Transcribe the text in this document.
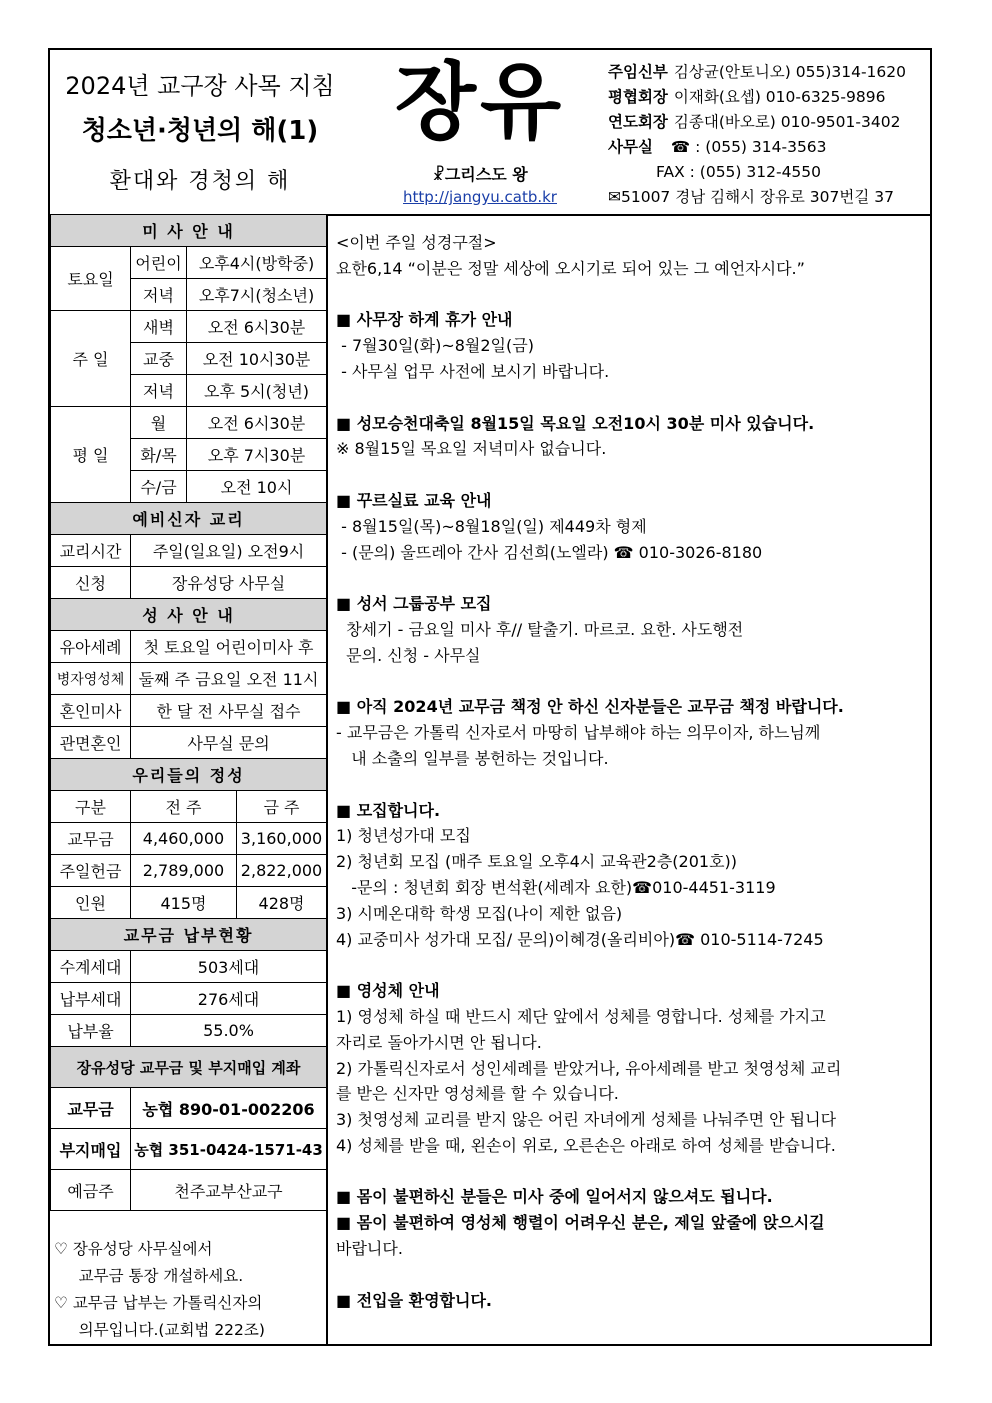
2024년 교구장 사목 지침
청소년·청년의 해(1)
환대와 경청의 해
장유
☧그리스도 왕
http://jangyu.catb.kr
주임신부 김상균(안토니오) 055)314-1620
평협회장 이재화(요셉) 010-6325-9896
연도회장 김종대(바오로) 010-9501-3402
사무실 ☎ : (055) 314-3563
FAX : (055) 312-4550
✉51007 경남 김해시 장유로 307번길 37
미 사 안 내			
토요일	어린이	오후4시(방학중)	
	저녁	오후7시(청소년)	
주 일	새벽	오전 6시30분	
	교중	오전 10시30분	
	저녁	오후 5시(청년)	
평 일	월	오전 6시30분	
	화/목	오후 7시30분	
	수/금	오전 10시	
예비신자 교리			
교리시간	주일(일요일) 오전9시		
신청	장유성당 사무실		
성 사 안 내			
유아세례	첫 토요일 어린이미사 후		
병자영성체	둘째 주 금요일 오전 11시		
혼인미사	한 달 전 사무실 접수		
관면혼인	사무실 문의		
우리들의 정성			
구분	전 주		금 주
교무금	4,460,000		3,160,000
주일헌금	2,789,000		2,822,000
인원	415명		428명
교무금 납부현황			
수계세대	503세대		
납부세대	276세대		
납부율	55.0%		
장유성당 교무금 및 부지매입 계좌			
교무금	농협 890-01-002206		
부지매입	농협 351-0424-1571-43		
예금주	천주교부산교구		
♡ 장유성당 사무실에서
교무금 통장 개설하세요.
♡ 교무금 납부는 가톨릭신자의
의무입니다.(교회법 222조)
<이번 주일 성경구절>
요한6,14 “이분은 정말 세상에 오시기로 되어 있는 그 예언자시다.”
■ 사무장 하계 휴가 안내
- 7월30일(화)~8월2일(금)
- 사무실 업무 사전에 보시기 바랍니다.
■ 성모승천대축일 8월15일 목요일 오전10시 30분 미사 있습니다.
※ 8월15일 목요일 저녁미사 없습니다.
■ 꾸르실료 교육 안내
- 8월15일(목)~8월18일(일) 제449차 형제
- (문의) 울뜨레아 간사 김선희(노엘라) ☎ 010-3026-8180
■ 성서 그룹공부 모집
창세기 - 금요일 미사 후// 탈출기. 마르코. 요한. 사도행전
문의. 신청 - 사무실
■ 아직 2024년 교무금 책정 안 하신 신자분들은 교무금 책정 바랍니다.
- 교무금은 가톨릭 신자로서 마땅히 납부해야 하는 의무이자, 하느님께
내 소출의 일부를 봉헌하는 것입니다.
■ 모집합니다.
1) 청년성가대 모집
2) 청년회 모집 (매주 토요일 오후4시 교육관2층(201호))
-문의 : 청년회 회장 변석환(세례자 요한)☎010-4451-3119
3) 시메온대학 학생 모집(나이 제한 없음)
4) 교중미사 성가대 모집/ 문의)이혜경(올리비아)☎ 010-5114-7245
■ 영성체 안내
1) 영성체 하실 때 반드시 제단 앞에서 성체를 영합니다. 성체를 가지고
자리로 돌아가시면 안 됩니다.
2) 가톨릭신자로서 성인세례를 받았거나, 유아세례를 받고 첫영성체 교리
를 받은 신자만 영성체를 할 수 있습니다.
3) 첫영성체 교리를 받지 않은 어린 자녀에게 성체를 나눠주면 안 됩니다
4) 성체를 받을 때, 왼손이 위로, 오른손은 아래로 하여 성체를 받습니다.
■ 몸이 불편하신 분들은 미사 중에 일어서지 않으셔도 됩니다.
■ 몸이 불편하여 영성체 행렬이 어려우신 분은, 제일 앞줄에 앉으시길
바랍니다.
■ 전입을 환영합니다.
